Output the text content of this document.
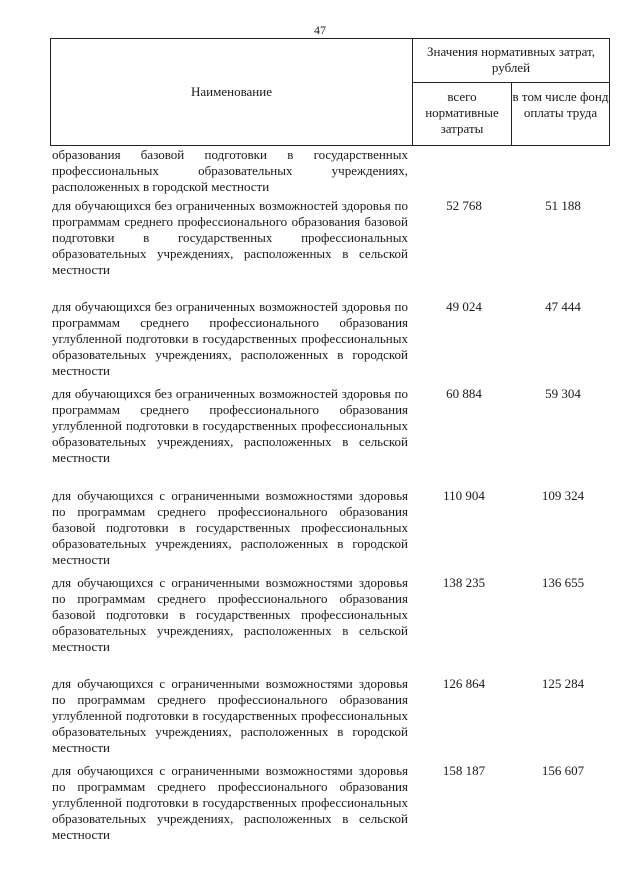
47
Наименование
Значения нормативных затрат, рублей
всего нормативные затраты
в том числе фонд оплаты труда
образования базовой подготовки в государственных профессиональных образовательных учреждениях, расположенных в городской местности
для обучающихся без ограниченных возможностей здоровья по программам среднего профессионального образования базовой подготовки в государственных профессиональных образовательных учреждениях, расположенных в сельской местности
52 768	51 188
для обучающихся без ограниченных возможностей здоровья по программам среднего профессионального образования углубленной подготовки в государственных профессиональных образовательных учреждениях, расположенных в городской местности
49 024	47 444
для обучающихся без ограниченных возможностей здоровья по программам среднего профессионального образования углубленной подготовки в государственных профессиональных образовательных учреждениях, расположенных в сельской местности
60 884	59 304
для обучающихся с ограниченными возможностями здоровья по программам среднего профессионального образования базовой подготовки в государственных профессиональных образовательных учреждениях, расположенных в городской местности
110 904	109 324
для обучающихся с ограниченными возможностями здоровья по программам среднего профессионального образования базовой подготовки в государственных профессиональных образовательных учреждениях, расположенных в сельской местности
138 235	136 655
для обучающихся с ограниченными возможностями здоровья по программам среднего профессионального образования углубленной подготовки в государственных профессиональных образовательных учреждениях, расположенных в городской местности
126 864	125 284
для обучающихся с ограниченными возможностями здоровья по программам среднего профессионального образования углубленной подготовки в государственных профессиональных образовательных учреждениях, расположенных в сельской местности
158 187	156 607
